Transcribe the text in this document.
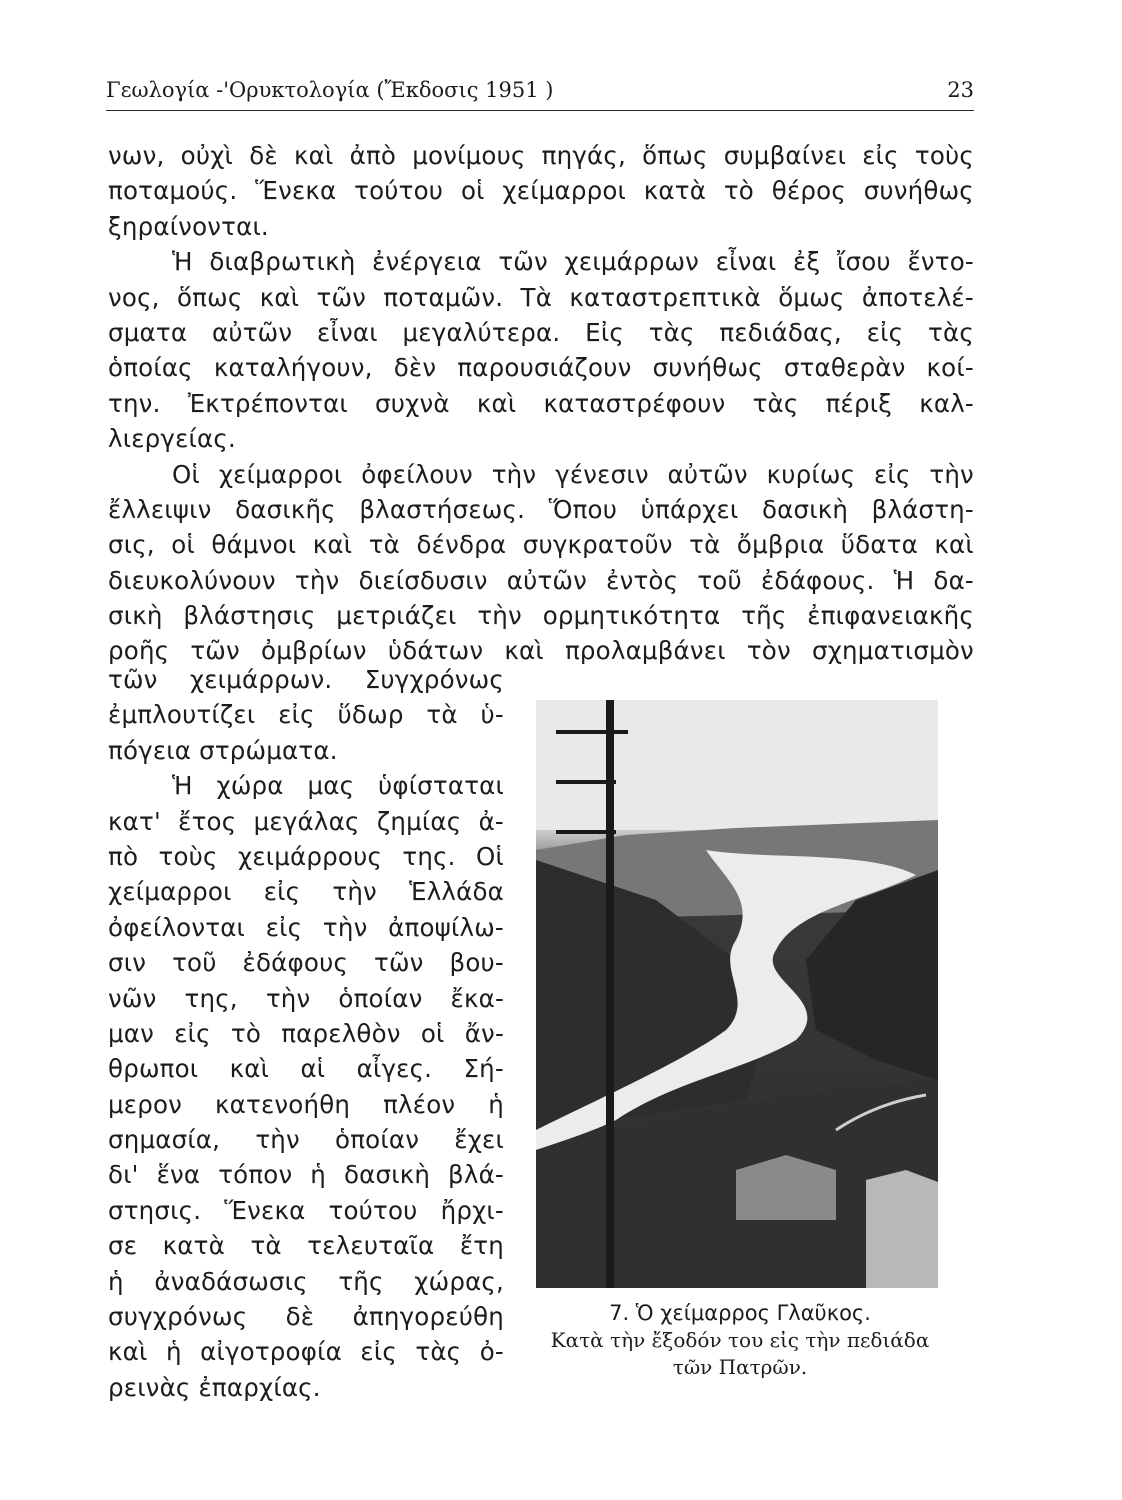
Γεωλογία -'Ορυκτολογία (Ἔκδοσις 1951 )	23
νων, οὐχὶ δὲ καὶ ἀπὸ μονίμους πηγάς, ὅπως συμβαίνει εἰς τοὺς
ποταμούς. Ἕνεκα τούτου οἱ χείμαρροι κατὰ τὸ θέρος συνήθως
ξηραίνονται.
Ἡ διαβρωτικὴ ἐνέργεια τῶν χειμάρρων εἶναι ἐξ ἴσου ἔντο-
νος, ὅπως καὶ τῶν ποταμῶν. Τὰ καταστρεπτικὰ ὅμως ἀποτελέ-
σματα αὐτῶν εἶναι μεγαλύτερα. Εἰς τὰς πεδιάδας, εἰς τὰς
ὁποίας καταλήγουν, δὲν παρουσιάζουν συνήθως σταθερὰν κοί-
την. Ἐκτρέπονται συχνὰ καὶ καταστρέφουν τὰς πέριξ καλ-
λιεργείας.
Οἱ χείμαρροι ὀφείλουν τὴν γένεσιν αὐτῶν κυρίως εἰς τὴν
ἔλλειψιν δασικῆς βλαστήσεως. Ὅπου ὑπάρχει δασικὴ βλάστη-
σις, οἱ θάμνοι καὶ τὰ δένδρα συγκρατοῦν τὰ ὄμβρια ὕδατα καὶ
διευκολύνουν τὴν διείσδυσιν αὐτῶν ἐντὸς τοῦ ἐδάφους. Ἡ δα-
σικὴ βλάστησις μετριάζει τὴν ορμητικότητα τῆς ἐπιφανειακῆς
ροῆς τῶν ὀμβρίων ὑδάτων καὶ προλαμβάνει τὸν σχηματισμὸν
τῶν χειμάρρων. Συγχρόνως
ἐμπλουτίζει εἰς ὕδωρ τὰ ὑ-
πόγεια στρώματα.
Ἡ χώρα μας ὑφίσταται
κατ' ἔτος μεγάλας ζημίας ἀ-
πὸ τοὺς χειμάρρους της. Οἱ
χείμαρροι εἰς τὴν Ἑλλάδα
ὀφείλονται εἰς τὴν ἀποψίλω-
σιν τοῦ ἐδάφους τῶν βου-
νῶν της, τὴν ὁποίαν ἔκα-
μαν εἰς τὸ παρελθὸν οἱ ἄν-
θρωποι καὶ αἱ αἶγες. Σή-
μερον κατενοήθη πλέον ἡ
σημασία, τὴν ὁποίαν ἔχει
δι' ἕνα τόπον ἡ δασικὴ βλά-
στησις. Ἕνεκα τούτου ἤρχι-
σε κατὰ τὰ τελευταῖα ἔτη
ἡ ἀναδάσωσις τῆς χώρας,
συγχρόνως δὲ ἀπηγορεύθη
καὶ ἡ αἰγοτροφία εἰς τὰς ὀ-
ρεινὰς ἐπαρχίας.
7. Ὁ χείμαρρος Γλαῦκος.
Κατὰ τὴν ἔξοδόν του εἰς τὴν πεδιάδα
τῶν Πατρῶν.
